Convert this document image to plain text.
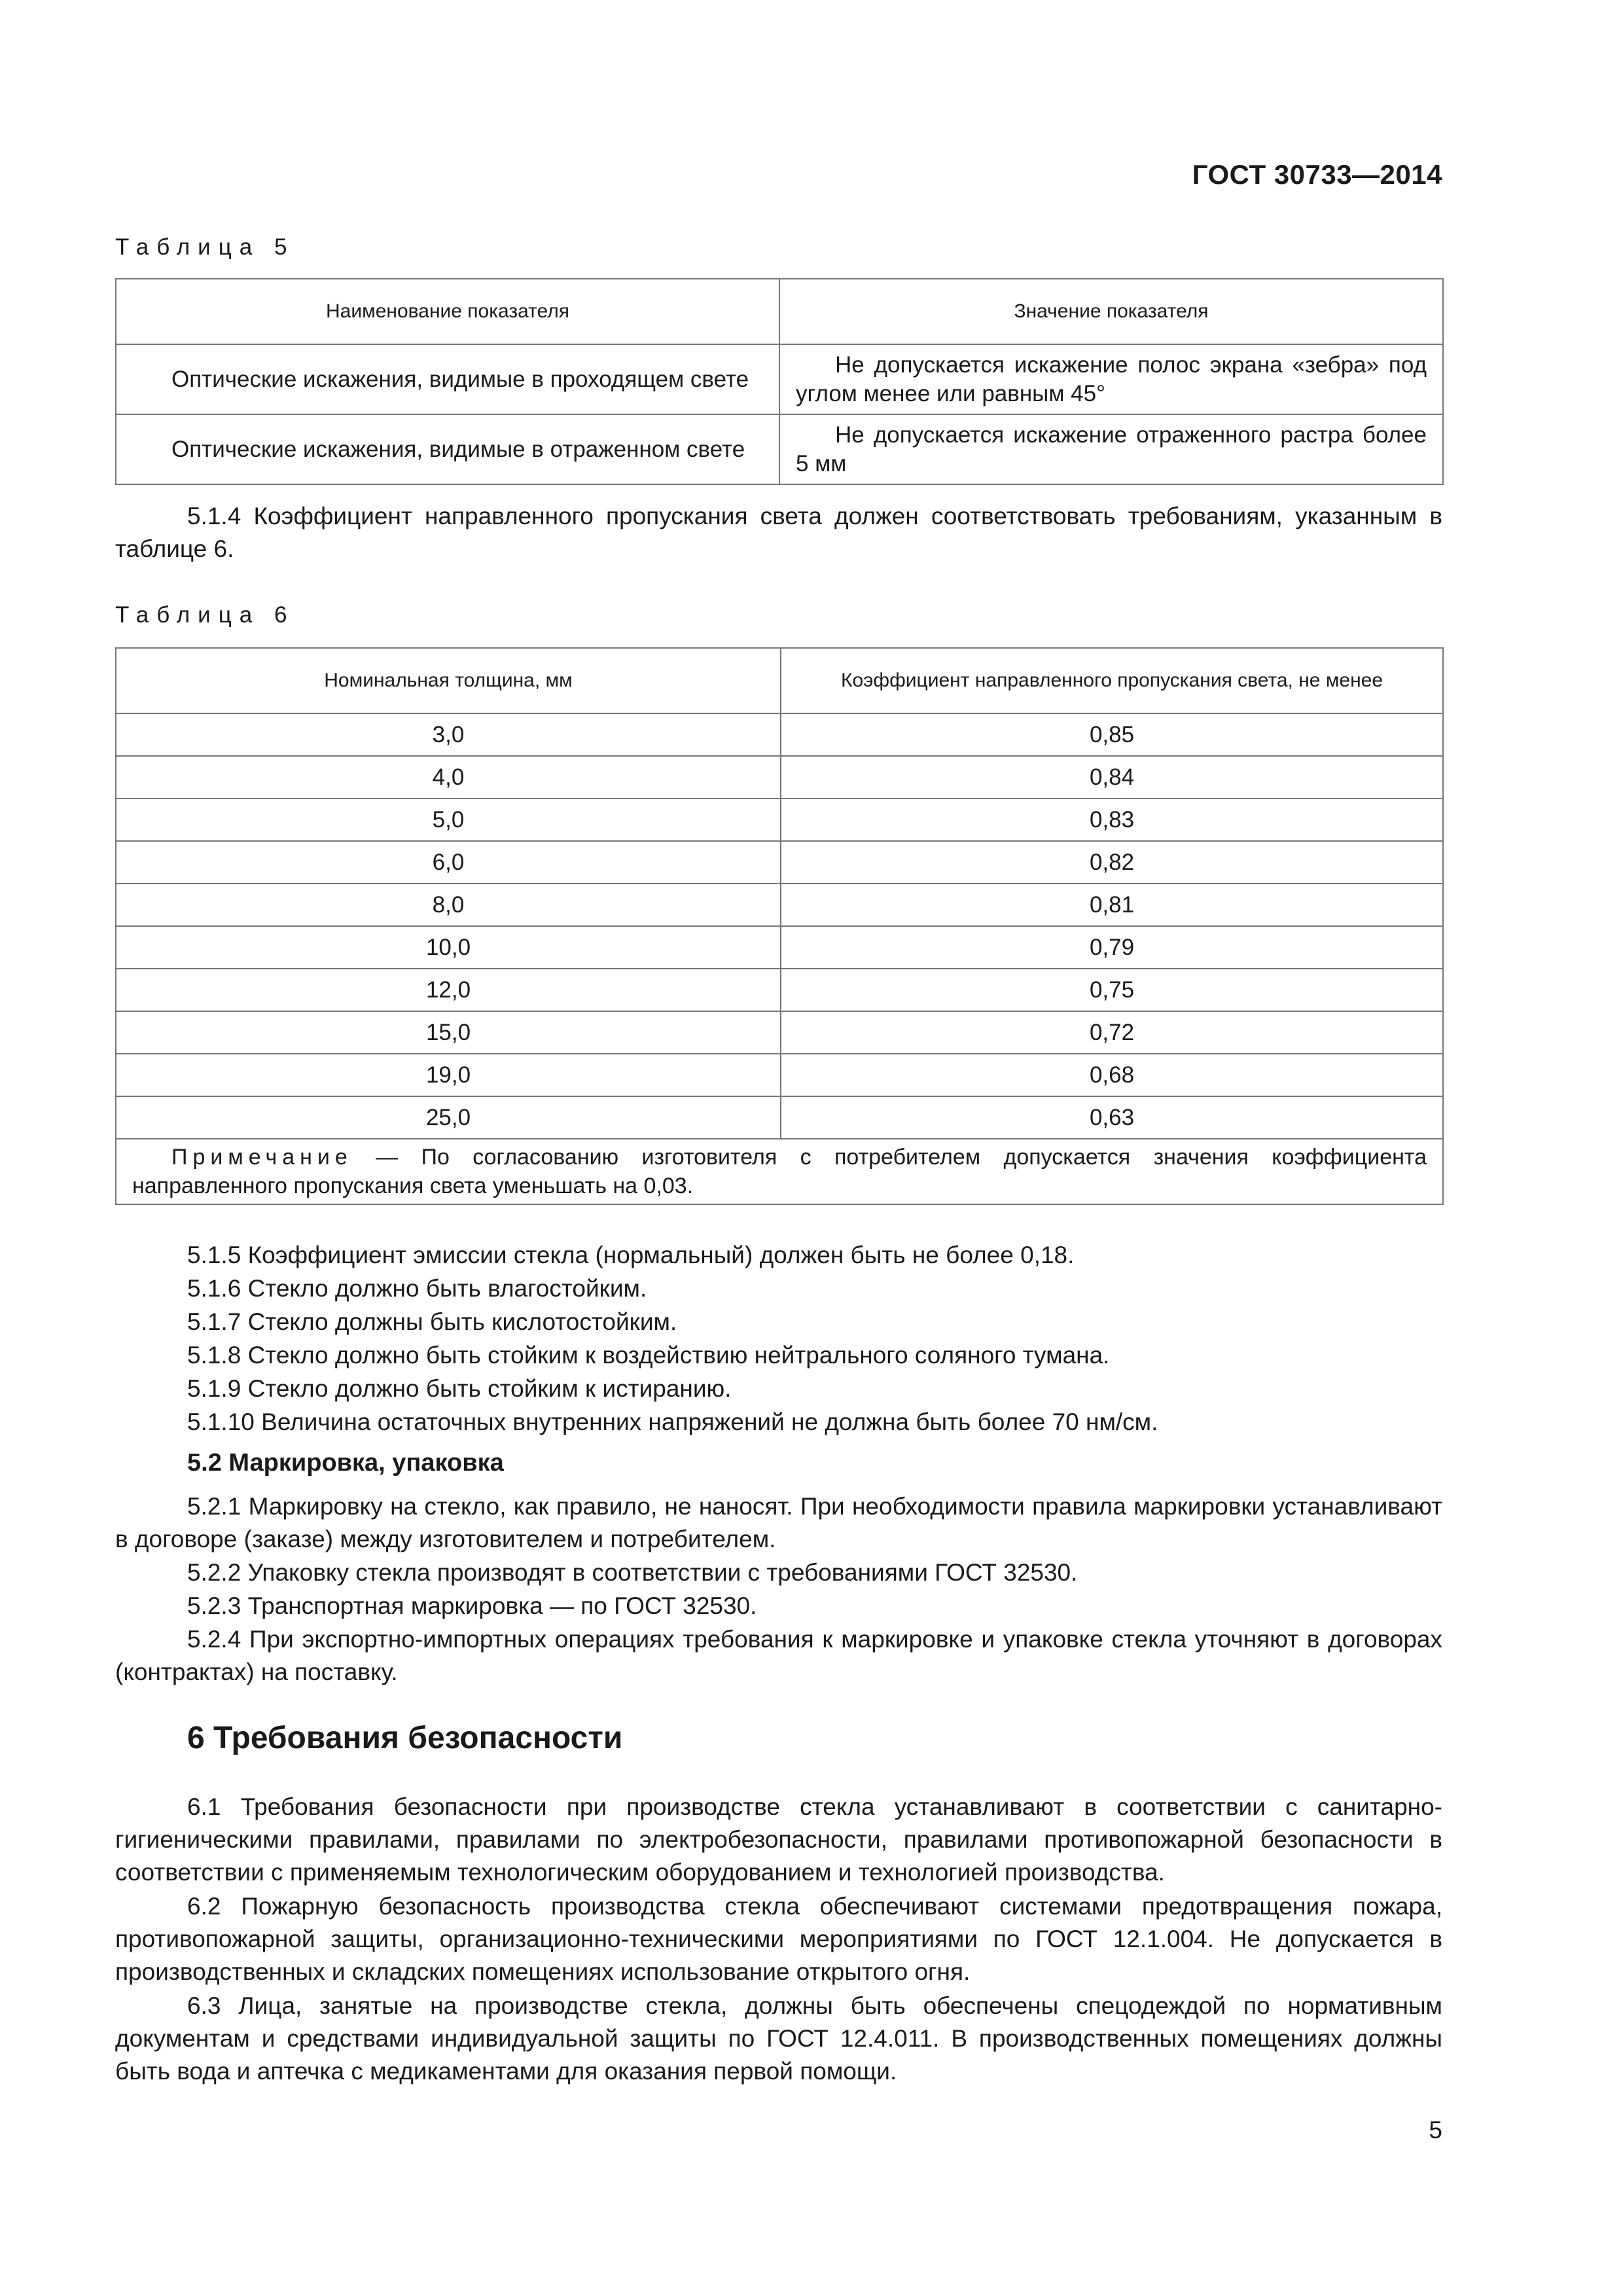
ГОСТ 30733—2014
Таблица 5
Наименование показателя	Значение показателя
Оптические искажения, видимые в проходящем свете	Не допускается искажение полос экрана «зебра» под углом менее или равным 45°
Оптические искажения, видимые в отраженном свете	Не допускается искажение отраженного растра более 5 мм
5.1.4 Коэффициент направленного пропускания света должен соответствовать требованиям, указанным в таблице 6.
Таблица 6
Номинальная толщина, мм	Коэффициент направленного пропускания света, не менее
3,0	0,85
4,0	0,84
5,0	0,83
6,0	0,82
8,0	0,81
10,0	0,79
12,0	0,75
15,0	0,72
19,0	0,68
25,0	0,63
Примечание — По согласованию изготовителя с потребителем допускается значения коэффициента направленного пропускания света уменьшать на 0,03.	
5.1.5 Коэффициент эмиссии стекла (нормальный) должен быть не более 0,18.
5.1.6 Стекло должно быть влагостойким.
5.1.7 Стекло должны быть кислотостойким.
5.1.8 Стекло должно быть стойким к воздействию нейтрального соляного тумана.
5.1.9 Стекло должно быть стойким к истиранию.
5.1.10 Величина остаточных внутренних напряжений не должна быть более 70 нм/см.
5.2 Маркировка, упаковка
5.2.1 Маркировку на стекло, как правило, не наносят. При необходимости правила маркировки устанавливают в договоре (заказе) между изготовителем и потребителем.
5.2.2 Упаковку стекла производят в соответствии с требованиями ГОСТ 32530.
5.2.3 Транспортная маркировка — по ГОСТ 32530.
5.2.4 При экспортно-импортных операциях требования к маркировке и упаковке стекла уточняют в договорах (контрактах) на поставку.
6 Требования безопасности
6.1 Требования безопасности при производстве стекла устанавливают в соответствии с санитарно-гигиеническими правилами, правилами по электробезопасности, правилами противопожарной безопасности в соответствии с применяемым технологическим оборудованием и технологией производства.
6.2 Пожарную безопасность производства стекла обеспечивают системами предотвращения пожара, противопожарной защиты, организационно-техническими мероприятиями по ГОСТ 12.1.004. Не допускается в производственных и складских помещениях использование открытого огня.
6.3 Лица, занятые на производстве стекла, должны быть обеспечены спецодеждой по нормативным документам и средствами индивидуальной защиты по ГОСТ 12.4.011. В производственных помещениях должны быть вода и аптечка с медикаментами для оказания первой помощи.
5
